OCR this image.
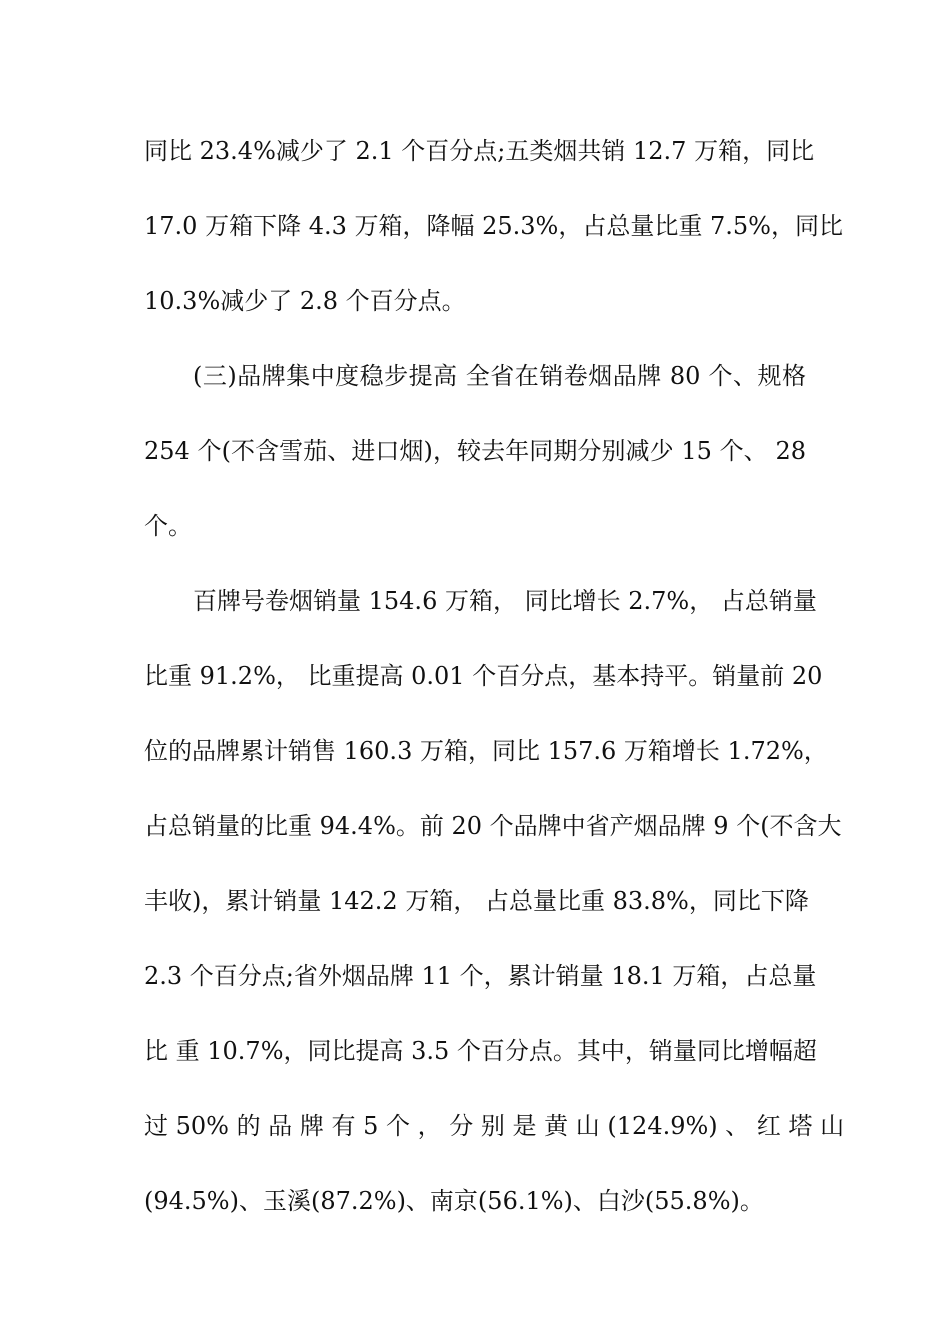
同比 23.4%减少了 2.1 个百分点;五类烟共销 12.7 万箱，同比
17.0 万箱下降 4.3 万箱，降幅 25.3%，占总量比重 7.5%，同比
10.3%减少了 2.8 个百分点。
(三)品牌集中度稳步提高 全省在销卷烟品牌 80 个、规格
254 个(不含雪茄、进口烟)，较去年同期分别减少 15 个、 28
个。
百牌号卷烟销量 154.6 万箱， 同比增长 2.7%， 占总销量
比重 91.2%， 比重提高 0.01 个百分点，基本持平。销量前 20
位的品牌累计销售 160.3 万箱，同比 157.6 万箱增长 1.72%，
占总销量的比重 94.4%。前 20 个品牌中省产烟品牌 9 个(不含大
丰收)，累计销量 142.2 万箱， 占总量比重 83.8%，同比下降
2.3 个百分点;省外烟品牌 11 个，累计销量 18.1 万箱，占总量
比 重 10.7%，同比提高 3.5 个百分点。其中，销量同比增幅超
过 50% 的 品 牌 有 5 个 ， 分 别 是 黄 山 (124.9%) 、 红 塔 山
(94.5%)、玉溪(87.2%)、南京(56.1%)、白沙(55.8%)。
